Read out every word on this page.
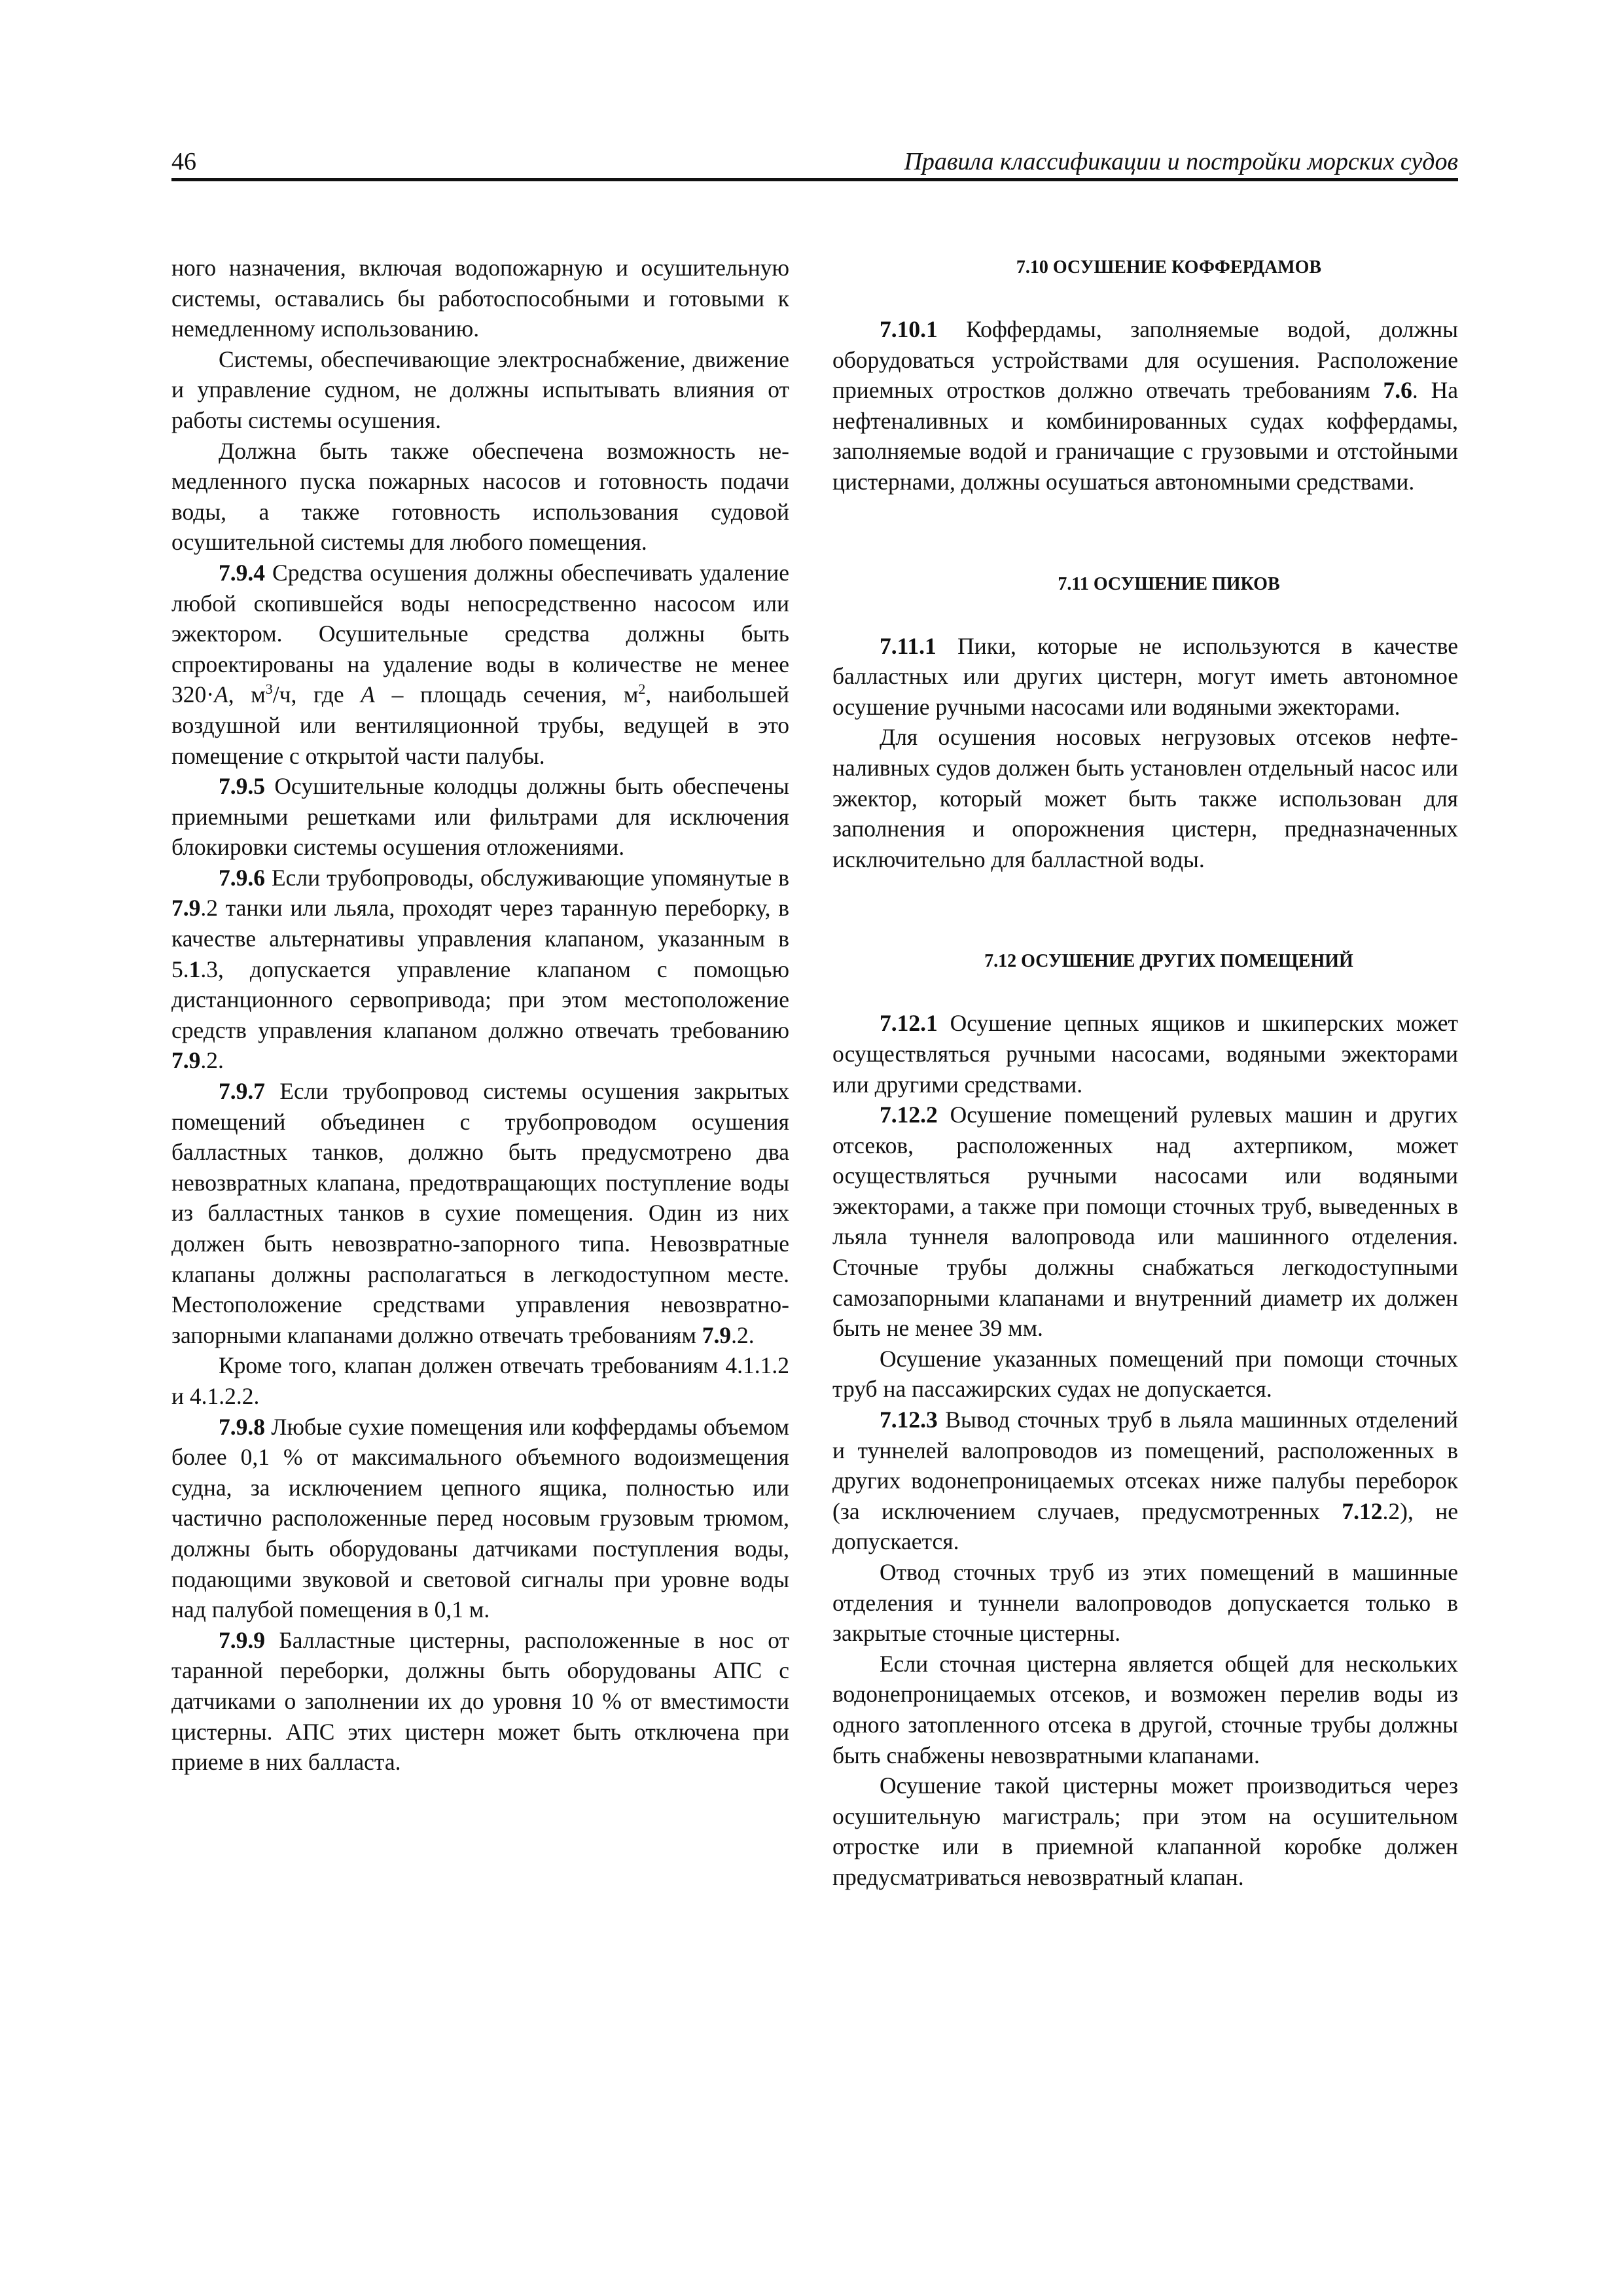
46	Правила классификации и постройки морских судов

ного назначения, включая водопожарную и осушительную системы, оставались бы работоспособными и готовыми к немедленному использованию.

Системы, обеспечивающие электроснабжение, движение и управление судном, не должны испытывать влияния от работы системы осушения.

Должна быть также обеспечена возможность немедленного пуска пожарных насосов и готовность подачи воды, а также готовность использования судовой осушительной системы для любого помещения.

7.9.4 Средства осушения должны обеспечивать удаление любой скопившейся воды непосредственно насосом или эжектором. Осушительные средства должны быть спроектированы на удаление воды в количестве не менее 320·A, $м^3/ч$, где A – площадь сечения, $м^2$, наибольшей воздушной или вентиляционной трубы, ведущей в это помещение с открытой части палубы.

7.9.5 Осушительные колодцы должны быть обеспечены приемными решетками или фильтрами для исключения блокировки системы осушения отложениями.

7.9.6 Если трубопроводы, обслуживающие упомянутые в 7.9.2 танки или льяла, проходят через таранную переборку, в качестве альтернативы управления клапаном, указанным в 5.1.3, допускается управление клапаном с помощью дистанционного сервопривода; при этом местоположение средств управления клапаном должно отвечать требованию 7.9.2.

7.9.7 Если трубопровод системы осушения закрытых помещений объединен с трубопроводом осушения балластных танков, должно быть предусмотрено два невозвратных клапана, предотвращающих поступление воды из балластных танков в сухие помещения. Один из них должен быть невозвратно-запорного типа. Невозвратные клапаны должны располагаться в легкодоступном месте. Местоположение средствами управления невозвратно-запорными клапанами должно отвечать требованиям 7.9.2.

Кроме того, клапан должен отвечать требованиям 4.1.1.2 и 4.1.2.2.

7.9.8 Любые сухие помещения или коффердамы объемом более 0,1 % от максимального объемного водоизмещения судна, за исключением цепного ящика, полностью или частично расположенные перед носовым грузовым трюмом, должны быть оборудованы датчиками поступления воды, подающими звуковой и световой сигналы при уровне воды над палубой помещения в 0,1 м.

7.9.9 Балластные цистерны, расположенные в нос от таранной переборки, должны быть оборудованы АПС с датчиками о заполнении их до уровня 10 % от вместимости цистерны. АПС этих цистерн может быть отключена при приеме в них балласта.

7.10 ОСУШЕНИЕ КОФФЕРДАМОВ

7.10.1 Коффердамы, заполняемые водой, должны оборудоваться устройствами для осушения. Расположение приемных отростков должно отвечать требованиям 7.6. На нефтеналивных и комбинированных судах коффердамы, заполняемые водой и граничащие с грузовыми и отстойными цистернами, должны осушаться автономными средствами.

7.11 ОСУШЕНИЕ ПИКОВ

7.11.1 Пики, которые не используются в качестве балластных или других цистерн, могут иметь автономное осушение ручными насосами или водяными эжекторами.

Для осушения носовых негрузовых отсеков нефтеналивных судов должен быть установлен отдельный насос или эжектор, который может быть также использован для заполнения и опорожнения цистерн, предназначенных исключительно для балластной воды.

7.12 ОСУШЕНИЕ ДРУГИХ ПОМЕЩЕНИЙ

7.12.1 Осушение цепных ящиков и шкиперских может осуществляться ручными насосами, водяными эжекторами или другими средствами.

7.12.2 Осушение помещений рулевых машин и других отсеков, расположенных над ахтерпиком, может осуществляться ручными насосами или водяными эжекторами, а также при помощи сточных труб, выведенных в льяла туннеля валопровода или машинного отделения. Сточные трубы должны снабжаться легкодоступными самозапорными клапанами и внутренний диаметр их должен быть не менее 39 мм.

Осушение указанных помещений при помощи сточных труб на пассажирских судах не допускается.

7.12.3 Вывод сточных труб в льяла машинных отделений и туннелей валопроводов из помещений, расположенных в других водонепроницаемых отсеках ниже палубы переборок (за исключением случаев, предусмотренных 7.12.2), не допускается.

Отвод сточных труб из этих помещений в машинные отделения и туннели валопроводов допускается только в закрытые сточные цистерны.

Если сточная цистерна является общей для нескольких водонепроницаемых отсеков, и возможен перелив воды из одного затопленного отсека в другой, сточные трубы должны быть снабжены невозвратными клапанами.

Осушение такой цистерны может производиться через осушительную магистраль; при этом на осушительном отростке или в приемной клапанной коробке должен предусматриваться невозвратный клапан.
